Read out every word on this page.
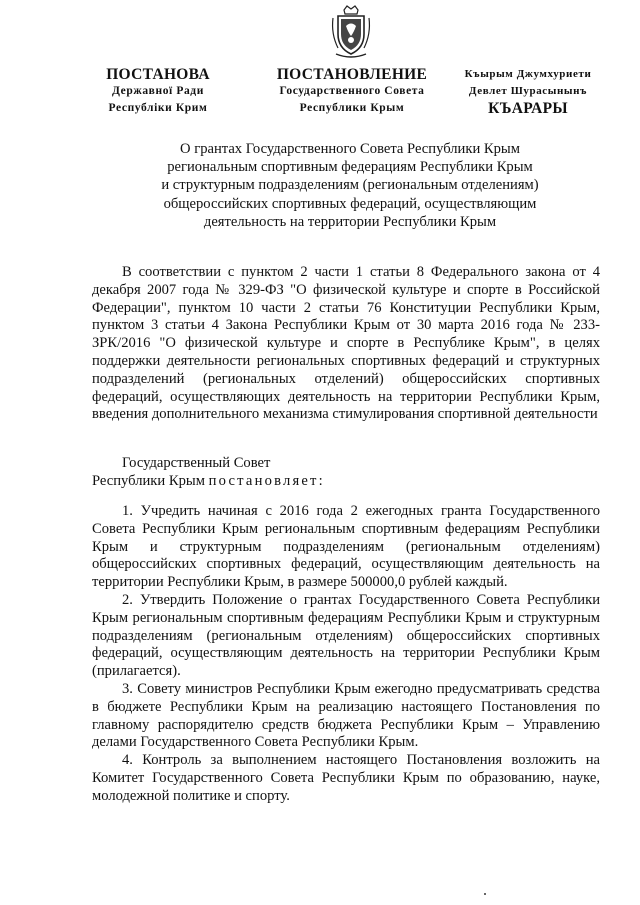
ПОСТАНОВА
Державної Ради
Республіки Крим
ПОСТАНОВЛЕНИЕ
Государственного Совета
Республики Крым
Къырым Джумхуриети
Девлет Шурасынынъ
КЪАРАРЫ
О грантах Государственного Совета Республики Крым
региональным спортивным федерациям Республики Крым
и структурным подразделениям (региональным отделениям)
общероссийских спортивных федераций, осуществляющим
деятельность на территории Республики Крым

В соответствии с пунктом 2 части 1 статьи 8 Федерального закона от 4 декабря 2007 года № 329-ФЗ "О физической культуре и спорте в Российской Федерации", пунктом 10 части 2 статьи 76 Конституции Республики Крым, пунктом 3 статьи 4 Закона Республики Крым от 30 марта 2016 года № 233-ЗРК/2016 "О физической культуре и спорте в Республике Крым", в целях поддержки деятельности региональных спортивных федераций и структурных подразделений (региональных отделений) общероссийских спортивных федераций, осуществляющих деятельность на территории Республики Крым, введения дополнительного механизма стимулирования спортивной деятельности

Государственный Совет
Республики Крым постановляет:

1. Учредить начиная с 2016 года 2 ежегодных гранта Государственного Совета Республики Крым региональным спортивным федерациям Республики Крым и структурным подразделениям (региональным отделениям) общероссийских спортивных федераций, осуществляющим деятельность на территории Республики Крым, в размере 500000,0 рублей каждый.

2. Утвердить Положение о грантах Государственного Совета Республики Крым региональным спортивным федерациям Республики Крым и структурным подразделениям (региональным отделениям) общероссийских спортивных федераций, осуществляющим деятельность на территории Республики Крым (прилагается).

3. Совету министров Республики Крым ежегодно предусматривать средства в бюджете Республики Крым на реализацию настоящего Постановления по главному распорядителю средств бюджета Республики Крым – Управлению делами Государственного Совета Республики Крым.

4. Контроль за выполнением настоящего Постановления возложить на Комитет Государственного Совета Республики Крым по образованию, науке, молодежной политике и спорту.
